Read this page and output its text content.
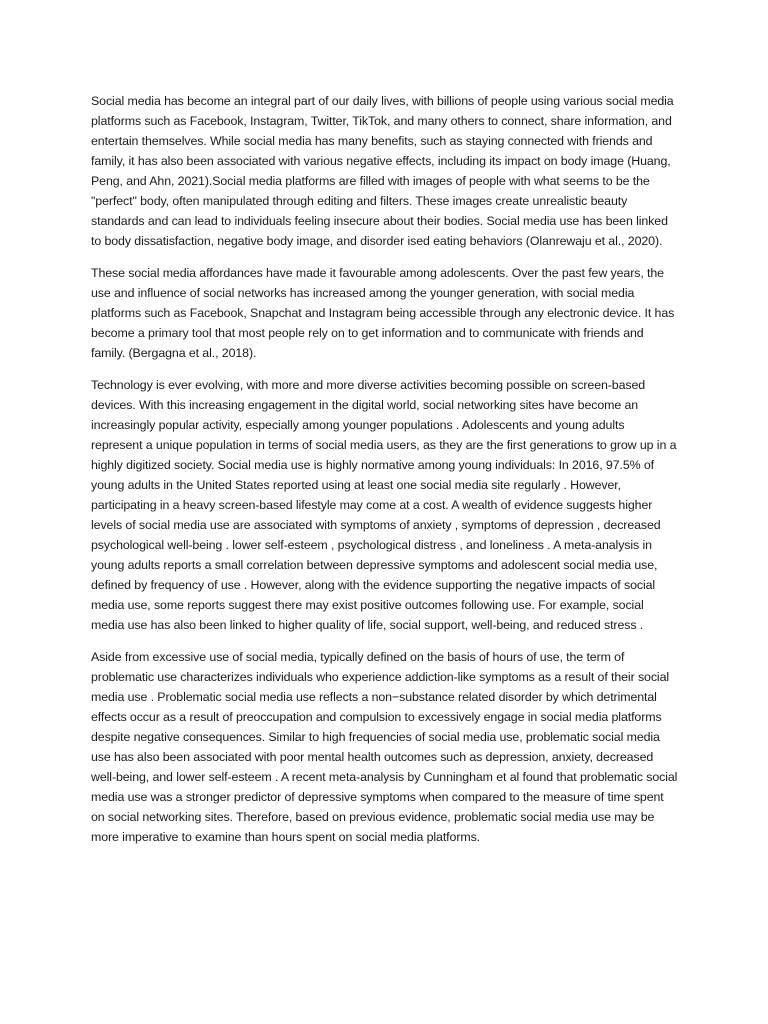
Social media has become an integral part of our daily lives, with billions of people using various social media platforms such as Facebook, Instagram, Twitter, TikTok, and many others to connect, share information, and entertain themselves. While social media has many benefits, such as staying connected with friends and family, it has also been associated with various negative effects, including its impact on body image (Huang, Peng, and Ahn, 2021).Social media platforms are filled with images of people with what seems to be the "perfect" body, often manipulated through editing and filters. These images create unrealistic beauty standards and can lead to individuals feeling insecure about their bodies. Social media use has been linked to body dissatisfaction, negative body image, and disorder ised eating behaviors (Olanrewaju et al., 2020).

These social media affordances have made it favourable among adolescents. Over the past few years, the use and influence of social networks has increased among the younger generation, with social media platforms such as Facebook, Snapchat and Instagram being accessible through any electronic device. It has become a primary tool that most people rely on to get information and to communicate with friends and family. (Bergagna et al., 2018).

Technology is ever evolving, with more and more diverse activities becoming possible on screen-based devices. With this increasing engagement in the digital world, social networking sites have become an increasingly popular activity, especially among younger populations . Adolescents and young adults represent a unique population in terms of social media users, as they are the first generations to grow up in a highly digitized society. Social media use is highly normative among young individuals: In 2016, 97.5% of young adults in the United States reported using at least one social media site regularly . However, participating in a heavy screen-based lifestyle may come at a cost. A wealth of evidence suggests higher levels of social media use are associated with symptoms of anxiety , symptoms of depression , decreased psychological well-being . lower self-esteem , psychological distress , and loneliness . A meta-analysis in young adults reports a small correlation between depressive symptoms and adolescent social media use, defined by frequency of use . However, along with the evidence supporting the negative impacts of social media use, some reports suggest there may exist positive outcomes following use. For example, social media use has also been linked to higher quality of life, social support, well-being, and reduced stress .

Aside from excessive use of social media, typically defined on the basis of hours of use, the term of problematic use characterizes individuals who experience addiction-like symptoms as a result of their social media use . Problematic social media use reflects a non−substance related disorder by which detrimental effects occur as a result of preoccupation and compulsion to excessively engage in social media platforms despite negative consequences. Similar to high frequencies of social media use, problematic social media use has also been associated with poor mental health outcomes such as depression, anxiety, decreased well-being, and lower self-esteem . A recent meta-analysis by Cunningham et al found that problematic social media use was a stronger predictor of depressive symptoms when compared to the measure of time spent on social networking sites. Therefore, based on previous evidence, problematic social media use may be more imperative to examine than hours spent on social media platforms.
